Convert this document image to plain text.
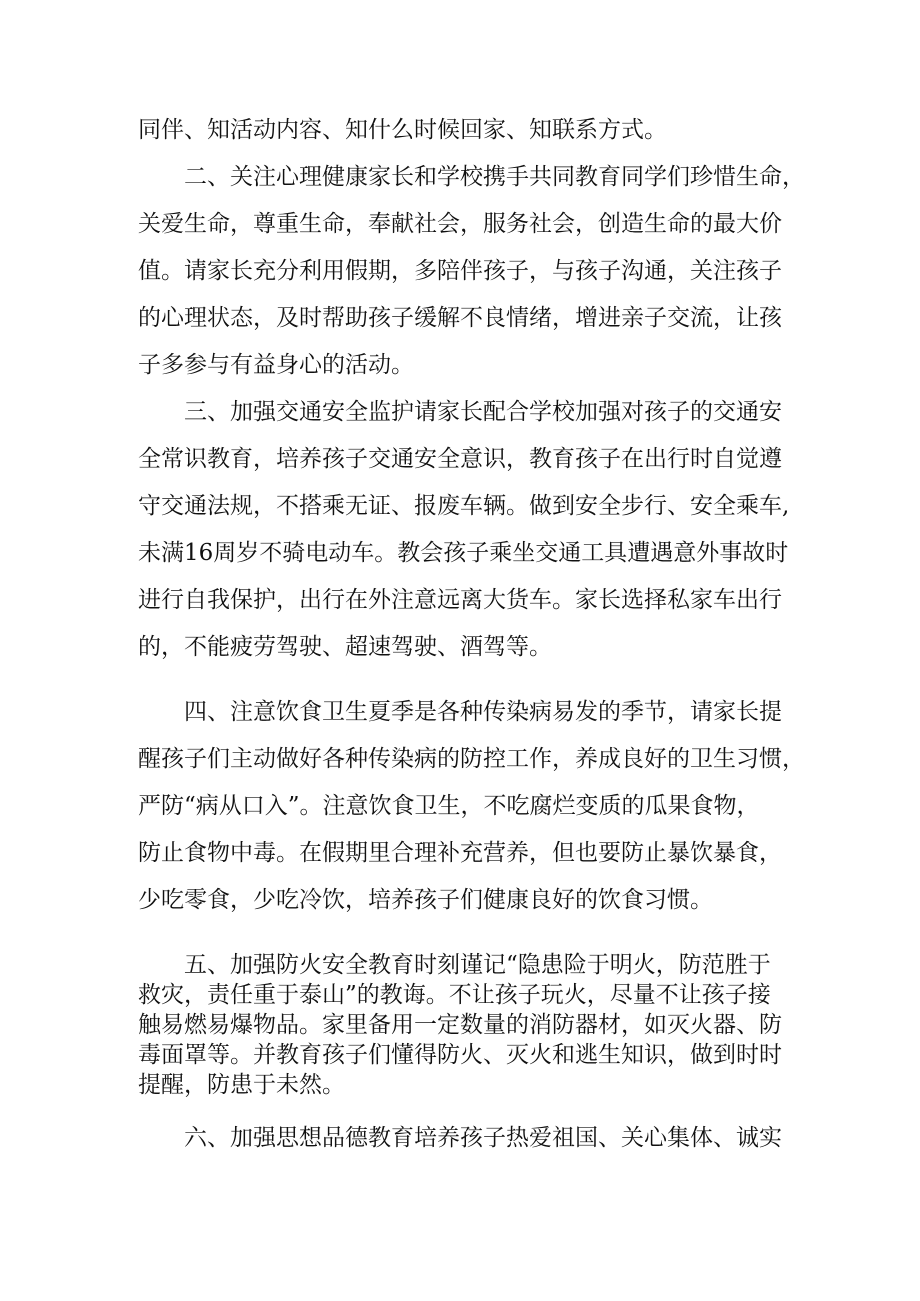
同伴、知活动内容、知什么时候回家、知联系方式。
二、关注心理健康家长和学校携手共同教育同学们珍惜生命，
关爱生命，尊重生命，奉献社会，服务社会，创造生命的最大价
值。请家长充分利用假期，多陪伴孩子，与孩子沟通，关注孩子
的心理状态，及时帮助孩子缓解不良情绪，增进亲子交流，让孩
子多参与有益身心的活动。
三、加强交通安全监护请家长配合学校加强对孩子的交通安
全常识教育，培养孩子交通安全意识，教育孩子在出行时自觉遵
守交通法规，不搭乘无证、报废车辆。做到安全步行、安全乘车,
未满16周岁不骑电动车。教会孩子乘坐交通工具遭遇意外事故时
进行自我保护，出行在外注意远离大货车。家长选择私家车出行
的，不能疲劳驾驶、超速驾驶、酒驾等。
四、注意饮食卫生夏季是各种传染病易发的季节，请家长提
醒孩子们主动做好各种传染病的防控工作，养成良好的卫生习惯，
严防“病从口入”。注意饮食卫生，不吃腐烂变质的瓜果食物，
防止食物中毒。在假期里合理补充营养，但也要防止暴饮暴食，
少吃零食，少吃冷饮，培养孩子们健康良好的饮食习惯。
五、加强防火安全教育时刻谨记“隐患险于明火，防范胜于
救灾，责任重于泰山”的教诲。不让孩子玩火，尽量不让孩子接
触易燃易爆物品。家里备用一定数量的消防器材，如灭火器、防
毒面罩等。并教育孩子们懂得防火、灭火和逃生知识，做到时时
提醒，防患于未然。
六、加强思想品德教育培养孩子热爱祖国、关心集体、诚实
